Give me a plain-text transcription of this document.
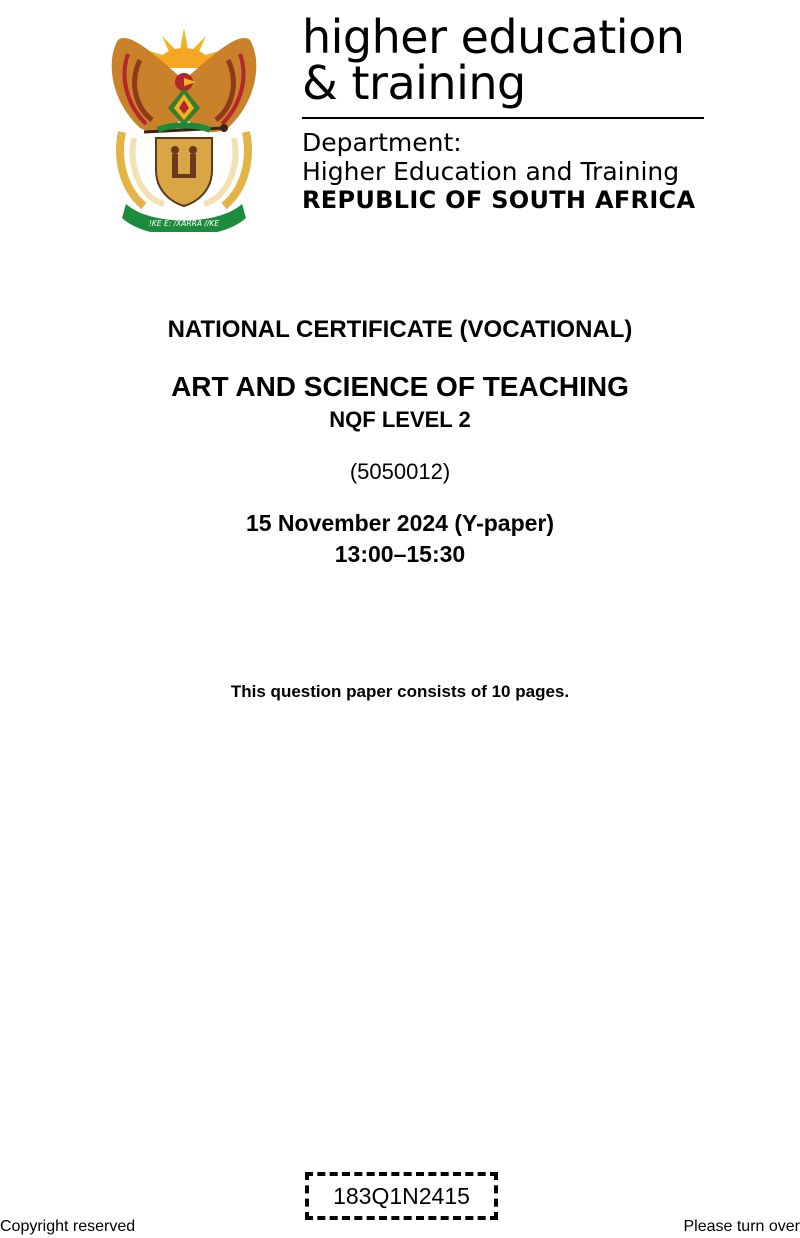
!KE E: /XARRA //KE
higher education
& training
Department:
Higher Education and Training
REPUBLIC OF SOUTH AFRICA
NATIONAL CERTIFICATE (VOCATIONAL)
ART AND SCIENCE OF TEACHING
NQF LEVEL 2
(5050012)
15 November 2024 (Y-paper)
13:00–15:30
This question paper consists of 10 pages.
183Q1N2415
Copyright reserved	Please turn over
